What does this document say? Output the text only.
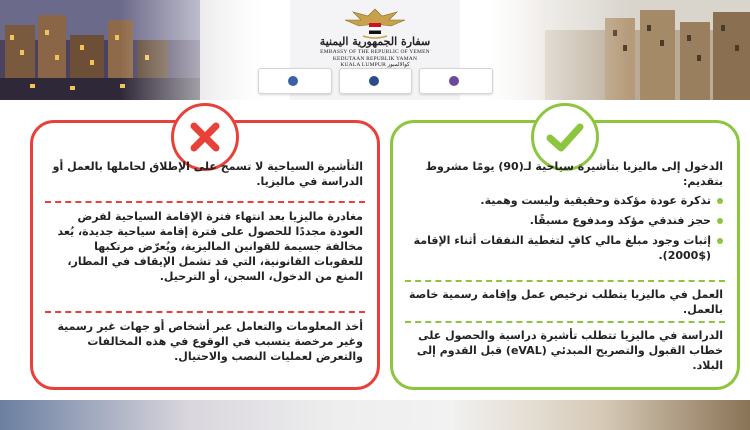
سفارة الجمهورية اليمنية
EMBASSY OF THE REPUBLIC OF YEMEN
KEDUTAAN REPUBLIK YAMAN
KUALA LUMPUR كوالالمبور
التأشيرة السياحية لا تسمح على الإطلاق لحاملها بالعمل أو الدراسة في ماليزيا.
مغادرة ماليزيا بعد انتهاء فترة الإقامة السياحية لفرض العودة مجددًا للحصول على فترة إقامة سياحية جديدة، يُعد مخالفة جسيمة للقوانين الماليزية، ويُعرّض مرتكبها للعقوبات القانونية، التي قد تشمل الإيقاف في المطار، المنع من الدخول، السجن، أو الترحيل.
أخذ المعلومات والتعامل عبر أشخاص أو جهات غير رسمية وغير مرخصة يتسبب في الوقوع في هذه المخالفات والتعرض لعمليات النصب والاحتيال.
الدخول إلى ماليزيا بتأشيرة سياحية لـ(90) يومًا مشروط بتقديم:
تذكرة عودة مؤكدة وحقيقية وليست وهمية.
حجز فندقي مؤكد ومدفوع مسبقًا.
إثبات وجود مبلغ مالي كافٍ لتغطية النفقات أثناء الإقامة ($2000).
العمل في ماليزيا يتطلب ترخيص عمل وإقامة رسمية خاصة بالعمل.
الدراسة في ماليزيا تتطلب تأشيرة دراسية والحصول على خطاب القبول والتصريح المبدئي (eVAL) قبل القدوم إلى البلاد.
